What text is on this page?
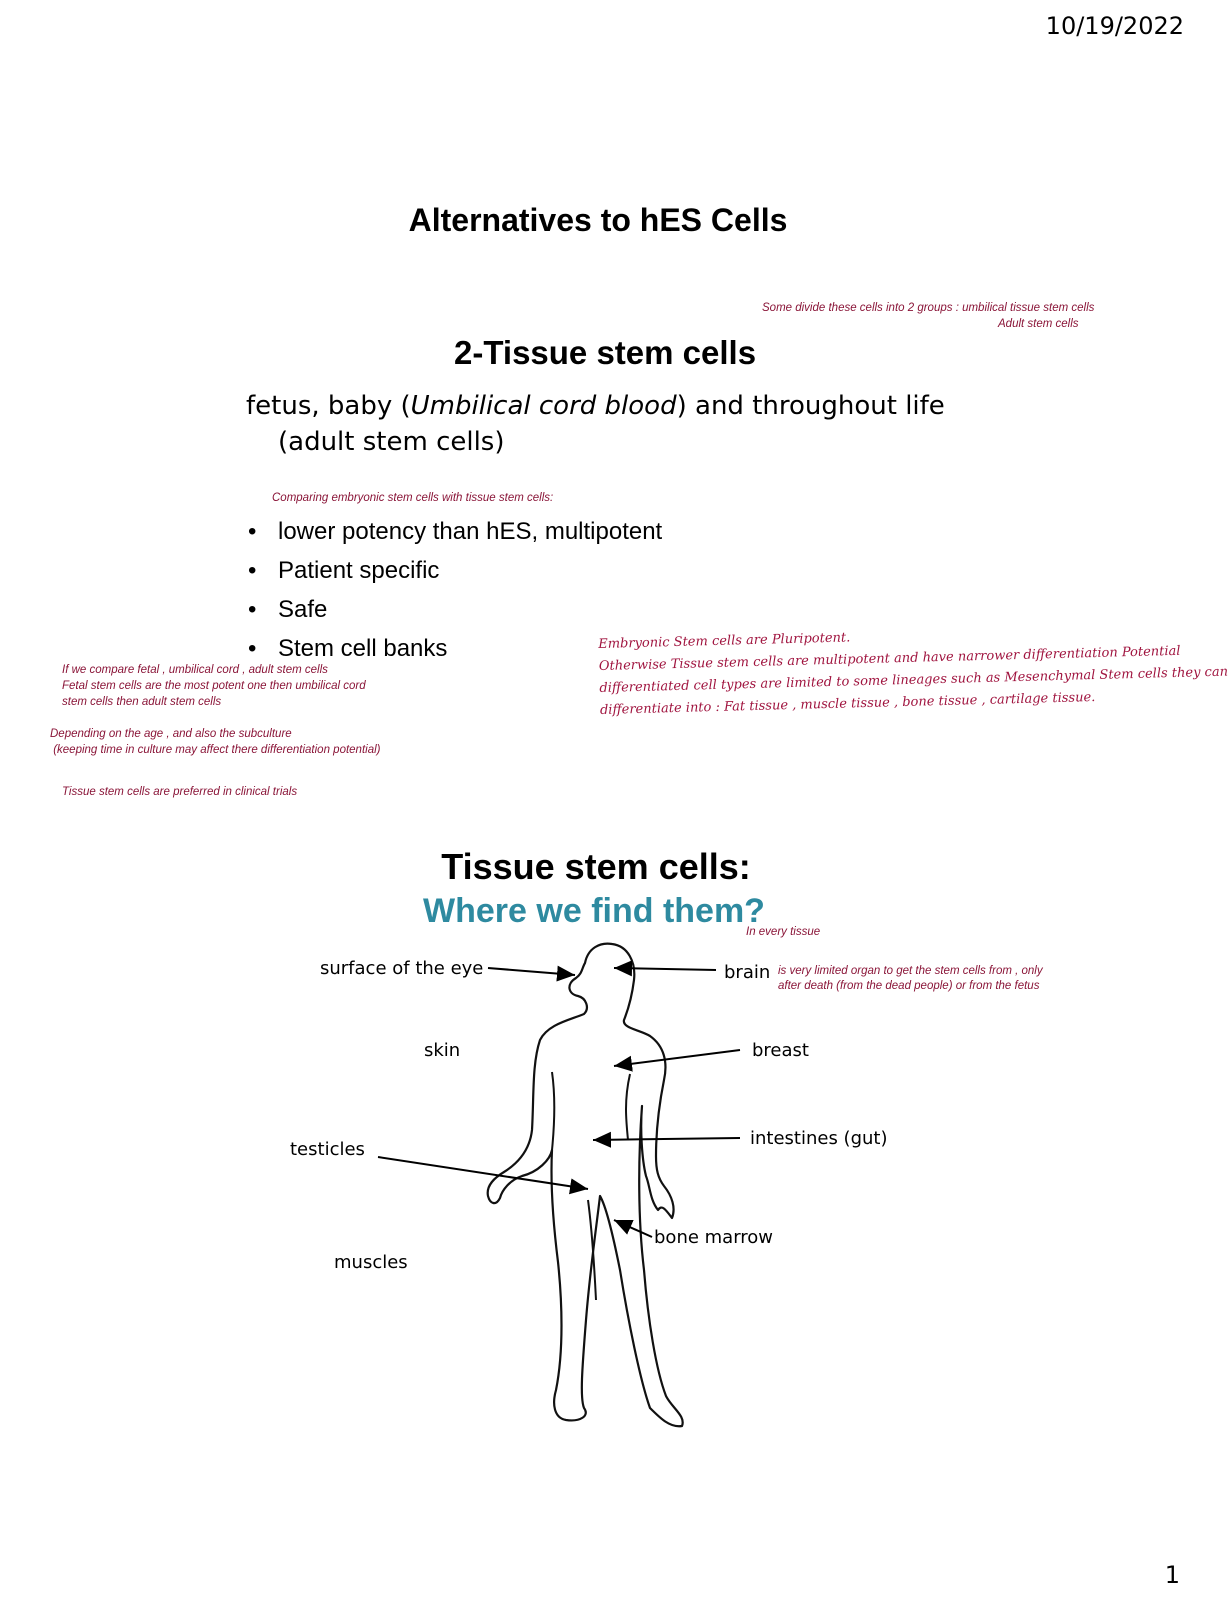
10/19/2022
Alternatives to hES Cells
Some divide these cells into 2 groups : umbilical tissue stem cells
Adult stem cells
2-Tissue stem cells
fetus, baby (Umbilical cord blood) and throughout life
(adult stem cells)
Comparing embryonic stem cells with tissue stem cells:
• lower potency than hES, multipotent
• Patient specific
• Safe
• Stem cell banks
If we compare fetal , umbilical cord , adult stem cells
Fetal stem cells are the most potent one then umbilical cord
stem cells then adult stem cells
Depending on the age , and also the subculture
(keeping time in culture may affect there differentiation potential)
Tissue stem cells are preferred in clinical trials
Embryonic Stem cells are Pluripotent.
Otherwise Tissue stem cells are multipotent and have narrower differentiation Potential
differentiated cell types are limited to some lineages such as Mesenchymal Stem cells they can
differentiate into : Fat tissue , muscle tissue , bone tissue , cartilage tissue.
Tissue stem cells:
Where we find them?
In every tissue
surface of the eye	brain is very limited organ to get the stem cells from , only
after death (from the dead people) or from the fetus
skin	breast
testicles
intestines (gut)
bone marrow
muscles
1
